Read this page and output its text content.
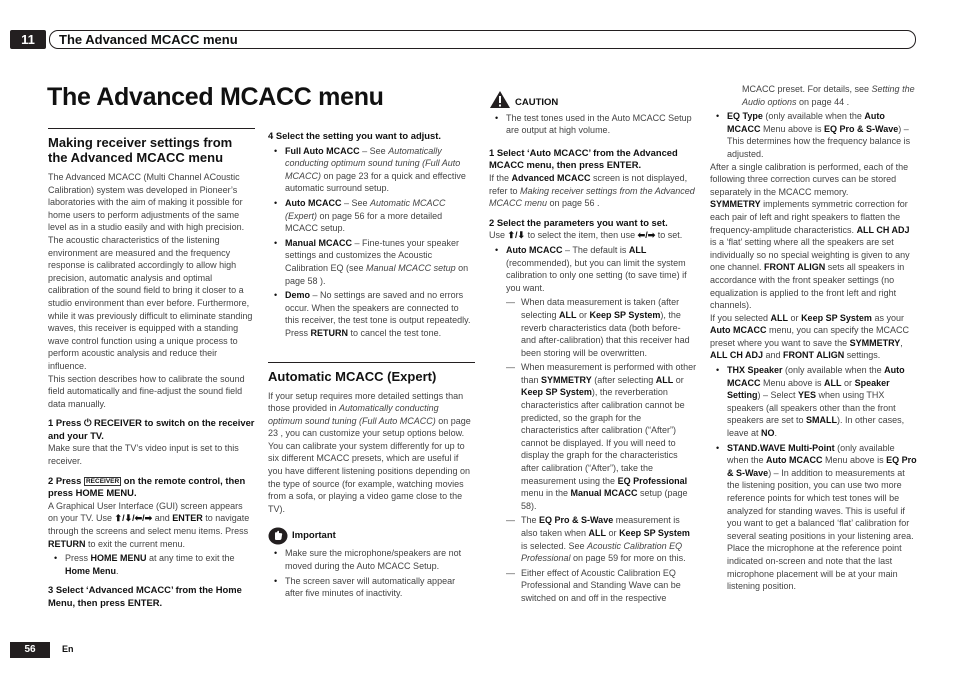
11	The Advanced MCACC menu
The Advanced MCACC menu
Making receiver settings from the Advanced MCACC menu

The Advanced MCACC (Multi Channel ACoustic Calibration) system was developed in Pioneer’s laboratories with the aim of making it possible for home users to perform adjustments of the same level as in a studio easily and with high precision. The acoustic characteristics of the listening environment are measured and the frequency response is calibrated accordingly to allow high precision, automatic analysis and optimal calibration of the sound field to bring it closer to a studio environment than ever before. Furthermore, while it was previously difficult to eliminate standing waves, this receiver is equipped with a standing wave control function using a unique process to perform acoustic analysis and reduce their influence.

This section describes how to calibrate the sound field automatically and fine-adjust the sound field data manually.

1 Press ⏻ RECEIVER to switch on the receiver and your TV.

Make sure that the TV’s video input is set to this receiver.

2 Press RECEIVER on the remote control, then press HOME MENU.

A Graphical User Interface (GUI) screen appears on your TV. Use ⬆/⬇/⬅/➡ and ENTER to navigate through the screens and select menu items. Press RETURN to exit the current menu.

• Press HOME MENU at any time to exit the Home Menu.
3 Select ‘Advanced MCACC’ from the Home Menu, then press ENTER.
4 Select the setting you want to adjust.
• Full Auto MCACC – See Automatically conducting optimum sound tuning (Full Auto MCACC) on page 23 for a quick and effective automatic surround setup.
• Auto MCACC – See Automatic MCACC (Expert) on page 56 for a more detailed MCACC setup.
• Manual MCACC – Fine-tunes your speaker settings and customizes the Acoustic Calibration EQ (see Manual MCACC setup on page 58 ).
• Demo – No settings are saved and no errors occur. When the speakers are connected to this receiver, the test tone is output repeatedly. Press RETURN to cancel the test tone.
Automatic MCACC (Expert)

If your setup requires more detailed settings than those provided in Automatically conducting optimum sound tuning (Full Auto MCACC) on page 23 , you can customize your setup options below. You can calibrate your system differently for up to six different MCACC presets, which are useful if you have different listening positions depending on the type of source (for example, watching movies from a sofa, or playing a video game close to the TV).

Important
• Make sure the microphone/speakers are not moved during the Auto MCACC Setup.
• The screen saver will automatically appear after five minutes of inactivity.
CAUTION
• The test tones used in the Auto MCACC Setup are output at high volume.
1 Select ‘Auto MCACC’ from the Advanced MCACC menu, then press ENTER.

If the Advanced MCACC screen is not displayed, refer to Making receiver settings from the Advanced MCACC menu on page 56 .

2 Select the parameters you want to set.

Use ⬆/⬇ to select the item, then use ⬅/➡ to set.

• Auto MCACC – The default is ALL (recommended), but you can limit the system calibration to only one setting (to save time) if you want.
— When data measurement is taken (after selecting ALL or Keep SP System), the reverb characteristics data (both before- and after-calibration) that this receiver had been storing will be overwritten.
— When measurement is performed with other than SYMMETRY (after selecting ALL or Keep SP System), the reverberation characteristics after calibration cannot be predicted, so the graph for the characteristics after calibration (“After”) cannot be displayed. If you will need to display the graph for the characteristics after calibration (“After”), take the measurement using the EQ Professional menu in the Manual MCACC setup (page 58).
— The EQ Pro & S-Wave measurement is also taken when ALL or Keep SP System is selected. See Acoustic Calibration EQ Professional on page 59 for more on this.
— Either effect of Acoustic Calibration EQ Professional and Standing Wave can be switched on and off in the respective
MCACC preset. For details, see Setting the Audio options on page 44 .
• EQ Type (only available when the Auto MCACC Menu above is EQ Pro & S-Wave) – This determines how the frequency balance is adjusted.

After a single calibration is performed, each of the following three correction curves can be stored separately in the MCACC memory.

SYMMETRY implements symmetric correction for each pair of left and right speakers to flatten the frequency-amplitude characteristics. ALL CH ADJ is a ‘flat’ setting where all the speakers are set individually so no special weighting is given to any one channel. FRONT ALIGN sets all speakers in accordance with the front speaker settings (no equalization is applied to the front left and right channels).

If you selected ALL or Keep SP System as your Auto MCACC menu, you can specify the MCACC preset where you want to save the SYMMETRY, ALL CH ADJ and FRONT ALIGN settings.

• THX Speaker (only available when the Auto MCACC Menu above is ALL or Speaker Setting) – Select YES when using THX speakers (all speakers other than the front speakers are set to SMALL). In other cases, leave at NO.
• STAND.WAVE Multi-Point (only available when the Auto MCACC Menu above is EQ Pro & S-Wave) – In addition to measurements at the listening position, you can use two more reference points for which test tones will be analyzed for standing waves. This is useful if you want to get a balanced ‘flat’ calibration for several seating positions in your listening area. Place the microphone at the reference point indicated on-screen and note that the last microphone placement will be at your main listening position.
56	En
